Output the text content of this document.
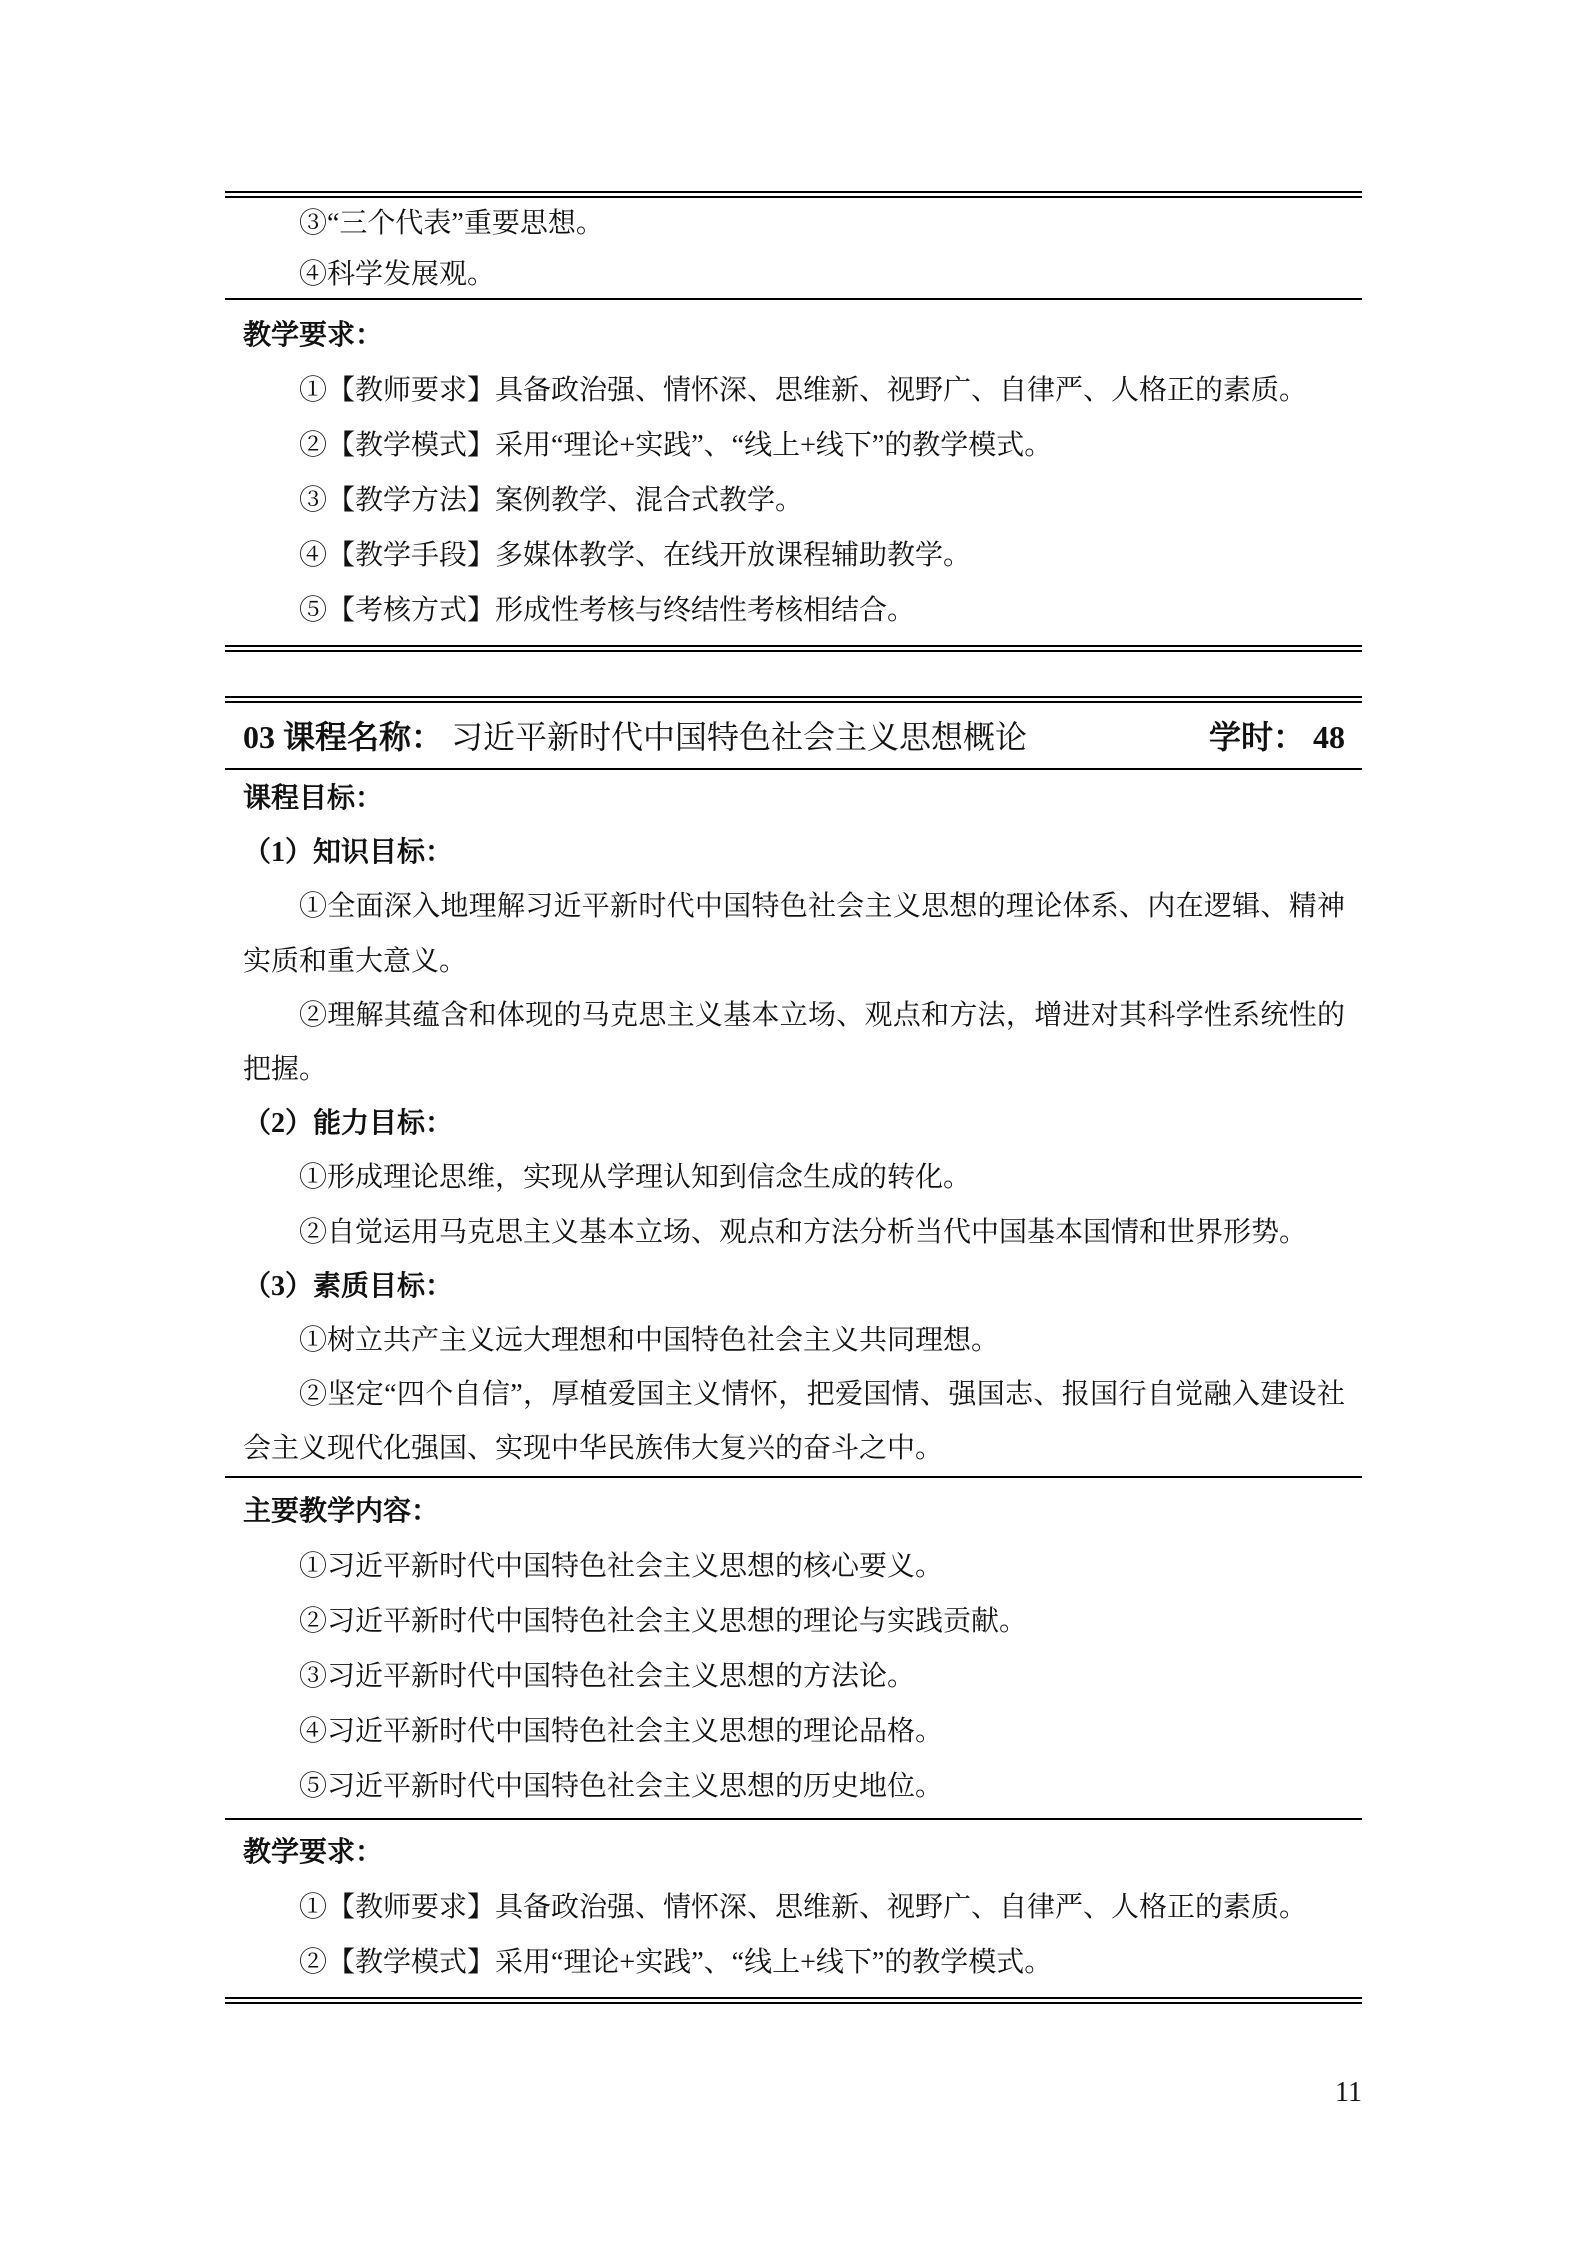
③“三个代表”重要思想。

④科学发展观。

教学要求：

①【教师要求】具备政治强、情怀深、思维新、视野广、自律严、人格正的素质。

②【教学模式】采用“理论+实践”、“线上+线下”的教学模式。

③【教学方法】案例教学、混合式教学。

④【教学手段】多媒体教学、在线开放课程辅助教学。

⑤【考核方式】形成性考核与终结性考核相结合。

03 课程名称： 习近平新时代中国特色社会主义思想概论	学时： 48

课程目标：

（1）知识目标：

①全面深入地理解习近平新时代中国特色社会主义思想的理论体系、内在逻辑、精神实质和重大意义。

②理解其蕴含和体现的马克思主义基本立场、观点和方法，增进对其科学性系统性的把握。

（2）能力目标：

①形成理论思维，实现从学理认知到信念生成的转化。

②自觉运用马克思主义基本立场、观点和方法分析当代中国基本国情和世界形势。

（3）素质目标：

①树立共产主义远大理想和中国特色社会主义共同理想。

②坚定“四个自信”，厚植爱国主义情怀，把爱国情、强国志、报国行自觉融入建设社会主义现代化强国、实现中华民族伟大复兴的奋斗之中。

主要教学内容：

①习近平新时代中国特色社会主义思想的核心要义。

②习近平新时代中国特色社会主义思想的理论与实践贡献。

③习近平新时代中国特色社会主义思想的方法论。

④习近平新时代中国特色社会主义思想的理论品格。

⑤习近平新时代中国特色社会主义思想的历史地位。

教学要求：

①【教师要求】具备政治强、情怀深、思维新、视野广、自律严、人格正的素质。

②【教学模式】采用“理论+实践”、“线上+线下”的教学模式。

11
